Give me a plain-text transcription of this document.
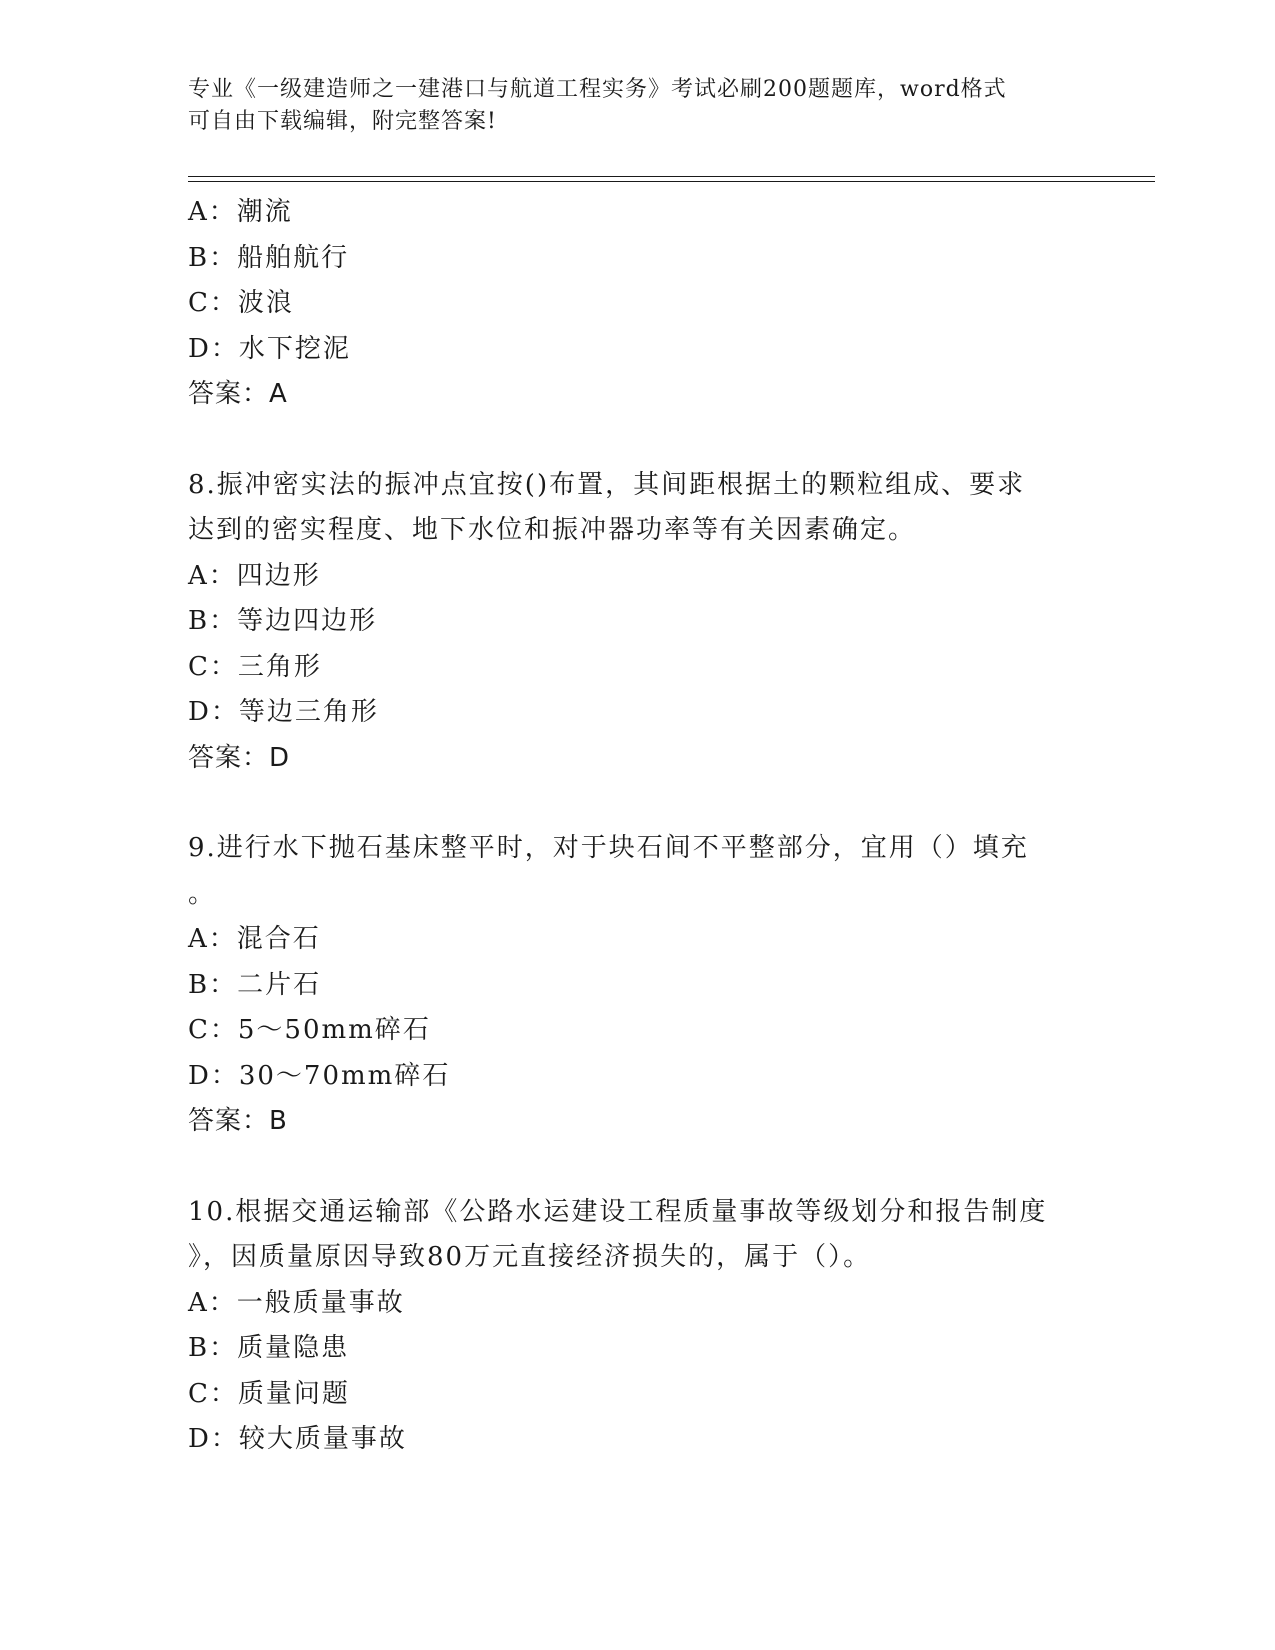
专业《一级建造师之一建港口与航道工程实务》考试必刷200题题库，word格式
可自由下载编辑，附完整答案!
A：潮流
B：船舶航行
C：波浪
D：水下挖泥
答案：A
8.振冲密实法的振冲点宜按()布置，其间距根据土的颗粒组成、要求
达到的密实程度、地下水位和振冲器功率等有关因素确定。
A：四边形
B：等边四边形
C：三角形
D：等边三角形
答案：D
9.进行水下抛石基床整平时，对于块石间不平整部分，宜用（）填充
。
A：混合石
B：二片石
C：5～50mm碎石
D：30～70mm碎石
答案：B
10.根据交通运输部《公路水运建设工程质量事故等级划分和报告制度
》，因质量原因导致80万元直接经济损失的，属于（）。
A：一般质量事故
B：质量隐患
C：质量问题
D：较大质量事故
